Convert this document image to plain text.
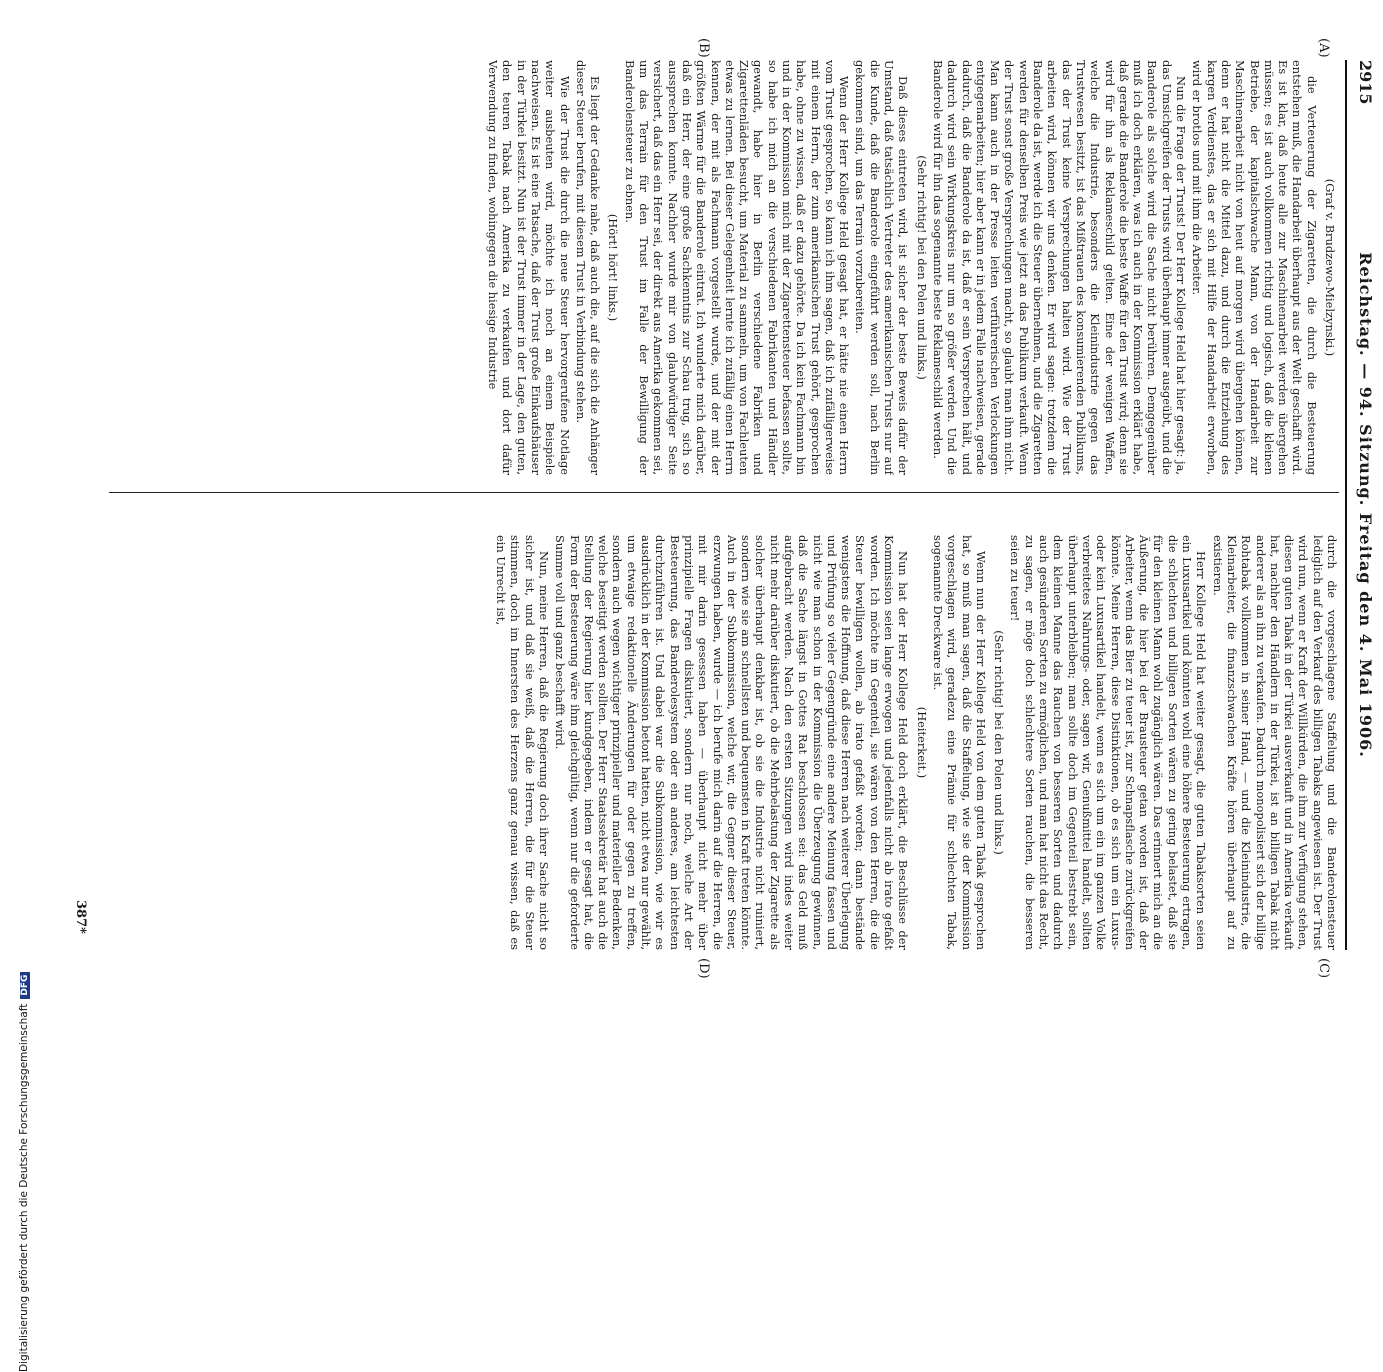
2915
Reichstag. — 94. Sitzung. Freitag den 4. Mai 1906.
(A)
(B)
(C)
(D)

(Graf v. Brudzewo-Mielzynski.)

die Verteuerung der Zigaretten, die durch die Besteuerung entstehen muß, die Handarbeit überhaupt aus der Welt geschafft wird. Es ist klar, daß heute alle zur Maschinenarbeit werden übergehen müssen; es ist auch vollkommen richtig und logisch, daß die kleinen Betriebe, der kapitalschwache Mann, von der Handarbeit zur Maschinenarbeit nicht von heut auf morgen wird übergehen können, denn er hat nicht die Mittel dazu, und durch die Entziehung des kargen Verdienstes, das er sich mit Hilfe der Handarbeit erworben, wird er brotlos und mit ihm die Arbeiter.

Nun die Frage der Trusts! Der Herr Kollege Held hat hier gesagt: ja, das Umsichgreifen der Trusts wird überhaupt immer ausgeübt, und die Banderole als solche wird die Sache nicht berühren. Demgegenüber muß ich doch erklären, was ich auch in der Kommission erklärt habe, daß gerade die Banderole die beste Waffe für den Trust wird; denn sie wird für ihn als Reklameschild gelten. Eine der wenigen Waffen, welche die Industrie, besonders die Kleinindustrie gegen das Trustwesen besitzt, ist das Mißtrauen des konsumierenden Publikums, das der Trust keine Versprechungen halten wird. Wie der Trust arbeiten wird, können wir uns denken. Er wird sagen: trotzdem die Banderole da ist, werde ich die Steuer übernehmen, und die Zigaretten werden für denselben Preis wie jetzt an das Publikum verkauft. Wenn der Trust sonst große Versprechungen macht, so glaubt man ihm nicht. Man kann auch in der Presse leiten verführerischen Verlockungen entgegenarbeiten; hier aber kann er in jedem Falle nachweisen, gerade dadurch, daß die Banderole da ist, daß er sein Versprechen hält, und dadurch wird sein Wirkungskreis nur um so größer werden. Und die Banderole wird für ihn das sogenannte beste Reklameschild werden.

(Sehr richtig! bei den Polen und links.)

Daß dieses eintreten wird, ist sicher der beste Beweis dafür der Umstand, daß tatsächlich Vertreter des amerikanischen Trusts nur auf die Kunde, daß die Banderole eingeführt werden soll, nach Berlin gekommen sind, um das Terrain vorzubereiten.

Wenn der Herr Kollege Held gesagt hat, er hätte nie einen Herrn vom Trust gesprochen, so kann ich ihm sagen, daß ich zufälligerweise mit einem Herrn, der zum amerikanischen Trust gehört, gesprochen habe, ohne zu wissen, daß er dazu gehörte. Da ich kein Fachmann bin und in der Kommission mich mit der Zigarettensteuer befassen sollte, so habe ich mich an die verschiedenen Fabrikanten und Händler gewandt, habe hier in Berlin verschiedene Fabriken und Zigarettenläden besucht, um Material zu sammeln, um von Fachleuten etwas zu lernen. Bei dieser Gelegenheit lernte ich zufällig einen Herrn kennen, der mit als Fachmann vorgestellt wurde, und der mit der größten Wärme für die Banderole eintrat. Ich wunderte mich darüber, daß ein Herr, der eine große Sachkenntnis zur Schau trug, sich so aussprechen konnte. Nachher wurde mir von glaubwürdiger Seite versichert, daß das ein Herr sei, der direkt aus Amerika gekommen sei, um das Terrain für den Trust im Falle der Bewilligung der Banderolensteuer zu ebnen.

(Hört! hört! links.)

Es liegt der Gedanke nahe, daß auch die, auf die sich die Anhänger dieser Steuer berufen, mit diesem Trust in Verbindung stehen.

Wie der Trust die durch die neue Steuer hervorgerufene Notlage weiter ausbeuten wird, möchte ich noch an einem Beispiele nachweisen. Es ist eine Tatsache, daß der Trust große Einkaufshäuser in der Türkei besitzt. Nun ist der Trust immer in der Lage, den guten, den teuren Tabak nach Amerika zu verkaufen und dort dafür Verwendung zu finden, wohingegen die hiesige Industrie

durch die vorgeschlagene Staffelung und die Banderolensteuer lediglich auf den Verkauf des billigen Tabaks angewiesen ist. Der Trust wird nun, wenn er Kraft der Willkürden, die ihm zur Verfügung stehen, diesen guten Tabak in der Türkei ausverkauft und in Amerika verkauft hat, nachher den Händlern in der Türkei, ist an billigen Tabak nicht anderer als an ihn zu verkaufen. Dadurch monopolisiert sich der billige Rohtabak vollkommen in seiner Hand, — und die Kleinindustrie, die Kleinarbeiter, die finanzschwachen Kräfte hören überhaupt auf zu existieren.

Herr Kollege Held hat weiter gesagt, die guten Tabaksorten seien ein Luxusartikel und könnten wohl eine höhere Besteuerung ertragen, die schlechten und billigen Sorten wären zu gering belastet, daß sie für den kleinen Mann wohl zugänglich wären. Das erinnert mich an die Äußerung, die hier bei der Brausteuer getan worden ist, daß der Arbeiter, wenn das Bier zu teuer ist, zur Schnapsflasche zurückgreifen könnte. Meine Herren, diese Distinktionen, ob es sich um ein Luxus- oder kein Luxusartikel handelt, wenn es sich um ein im ganzen Volke verbreitetes Nahrungs- oder, sagen wir, Genußmittel handelt, sollten überhaupt unterbleiben; man sollte doch im Gegenteil bestrebt sein, dem kleinen Manne das Rauchen von besseren Sorten und dadurch auch gesünderen Sorten zu ermöglichen, und man hat nicht das Recht, zu sagen, er möge doch schlechtere Sorten rauchen, die besseren seien zu teuer!

(Sehr richtig! bei den Polen und links.)

Wenn nun der Herr Kollege Held von dem guten Tabak gesprochen hat, so muß man sagen, daß die Staffelung, wie sie der Kommission vorgeschlagen wird, geradezu eine Prämie für schlechten Tabak, sogenannte Dreckware ist.

(Heiterkeit.)

Nun hat der Herr Kollege Held doch erklärt, die Beschlüsse der Kommission seien lange erwogen und jedenfalls nicht ab irato gefaßt worden. Ich möchte im Gegenteil, sie wären von den Herren, die die Steuer bewilligen wollen, ab irato gefaßt worden; dann bestände wenigstens die Hoffnung, daß diese Herren nach weiterer Überlegung und Prüfung so vieler Gegengründe eine andere Meinung fassen und nicht wie man schon in der Kommission die Überzeugung gewinnen, daß die Sache längst in Gottes Rat beschlossen sei: das Geld muß aufgebracht werden. Nach den ersten Sitzungen wird indes weiter nicht mehr darüber diskutiert, ob die Mehrbelastung der Zigarette als solcher überhaupt denkbar ist, ob sie die Industrie nicht ruiniert, sondern wie sie am schnellsten und bequemsten in Kraft treten könnte. Auch in der Subkommission, welche wir, die Gegner dieser Steuer, erzwungen haben, wurde — ich berufe mich darin auf die Herren, die mit mir darin gesessen haben — überhaupt nicht mehr über prinzipielle Fragen diskutiert, sondern nur noch, welche Art der Besteuerung, das Banderolesystem oder ein anderes, am leichtesten durchzuführen ist. Und dabei war die Subkommission, wie wir es ausdrücklich in der Kommission betont hatten, nicht etwa nur gewählt, um etwaige redaktionelle Änderungen für oder gegen zu treffen, sondern auch wegen wichtiger prinzipieller und materieller Bedenken, welche beseitigt werden sollten. Der Herr Staatssekretär hat auch die Stellung der Regierung hier kundgegeben, indem er gesagt hat, die Form der Besteuerung wäre ihm gleichgültig, wenn nur die geforderte Summe voll und ganz beschafft wird.

Nun, meine Herren, daß die Regierung doch ihrer Sache nicht so sicher ist, und daß sie weiß, daß die Herren, die für die Steuer stimmen, doch im Innersten des Herzens ganz genau wissen, daß es ein Unrecht ist,

387*
Digitalisierung gefördert durch die Deutsche ForschungsgemeinschaftDFG
